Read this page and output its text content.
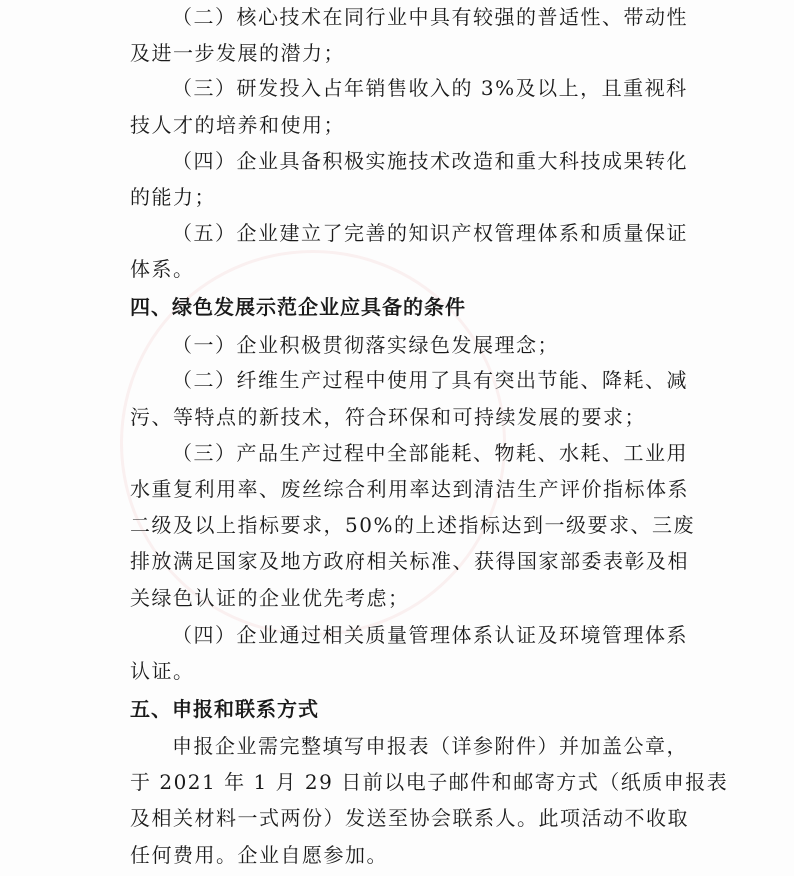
（二）核心技术在同行业中具有较强的普适性、带动性
及进一步发展的潜力；
（三）研发投入占年销售收入的 3%及以上，且重视科
技人才的培养和使用；
（四）企业具备积极实施技术改造和重大科技成果转化
的能力；
（五）企业建立了完善的知识产权管理体系和质量保证
体系。
四、绿色发展示范企业应具备的条件
（一）企业积极贯彻落实绿色发展理念；
（二）纤维生产过程中使用了具有突出节能、降耗、减
污、等特点的新技术，符合环保和可持续发展的要求；
（三）产品生产过程中全部能耗、物耗、水耗、工业用
水重复利用率、废丝综合利用率达到清洁生产评价指标体系
二级及以上指标要求，50%的上述指标达到一级要求、三废
排放满足国家及地方政府相关标准、获得国家部委表彰及相
关绿色认证的企业优先考虑；
（四）企业通过相关质量管理体系认证及环境管理体系
认证。
五、申报和联系方式
申报企业需完整填写申报表（详参附件）并加盖公章，
于 2021 年 1 月 29 日前以电子邮件和邮寄方式（纸质申报表
及相关材料一式两份）发送至协会联系人。此项活动不收取
任何费用。企业自愿参加。
